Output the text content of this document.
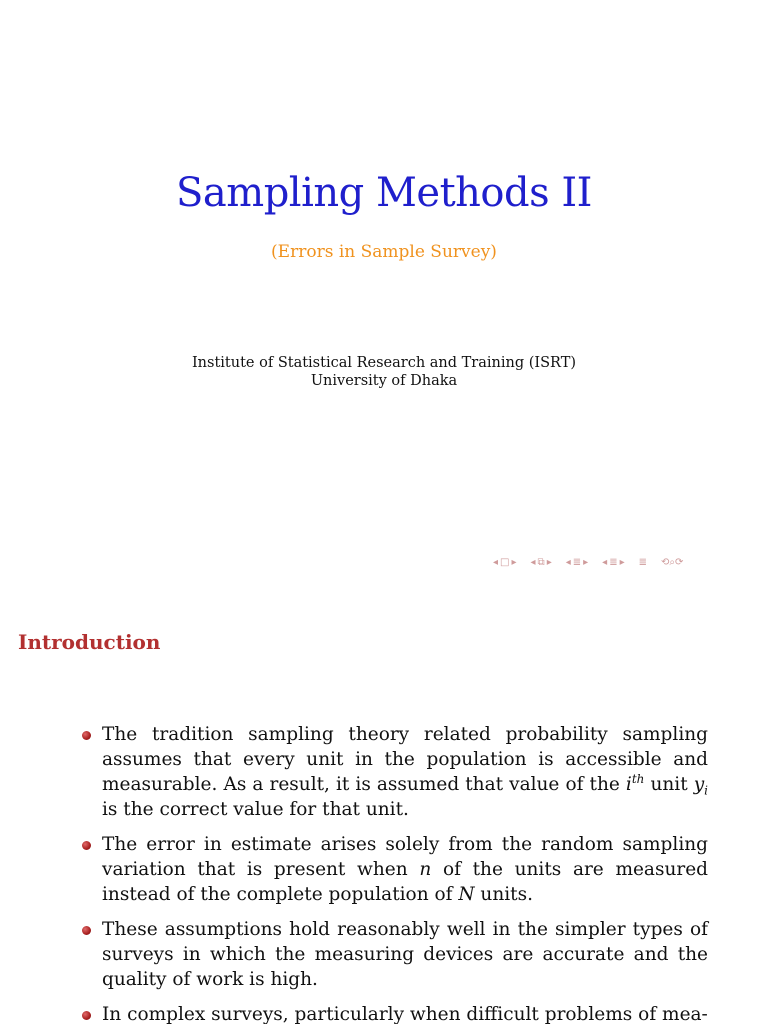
Sampling Methods II
(Errors in Sample Survey)
Institute of Statistical Research and Training (ISRT)
University of Dhaka
◂ □ ▸ ◂ ⧉ ▸ ◂ ≣ ▸ ◂ ≣ ▸ ≣ ⟲⌕⟳
Introduction
The tradition sampling theory related probability sampling assumes that every unit in the population is accessible and measurable. As a result, it is assumed that value of the $i^{th}$ unit $y_i$ is the correct value for that unit.
The error in estimate arises solely from the random sampling variation that is present when n of the units are measured instead of the complete population of N units.
These assumptions hold reasonably well in the simpler types of surveys in which the measuring devices are accurate and the quality of work is high.
In complex surveys, particularly when difficult problems of mea-
